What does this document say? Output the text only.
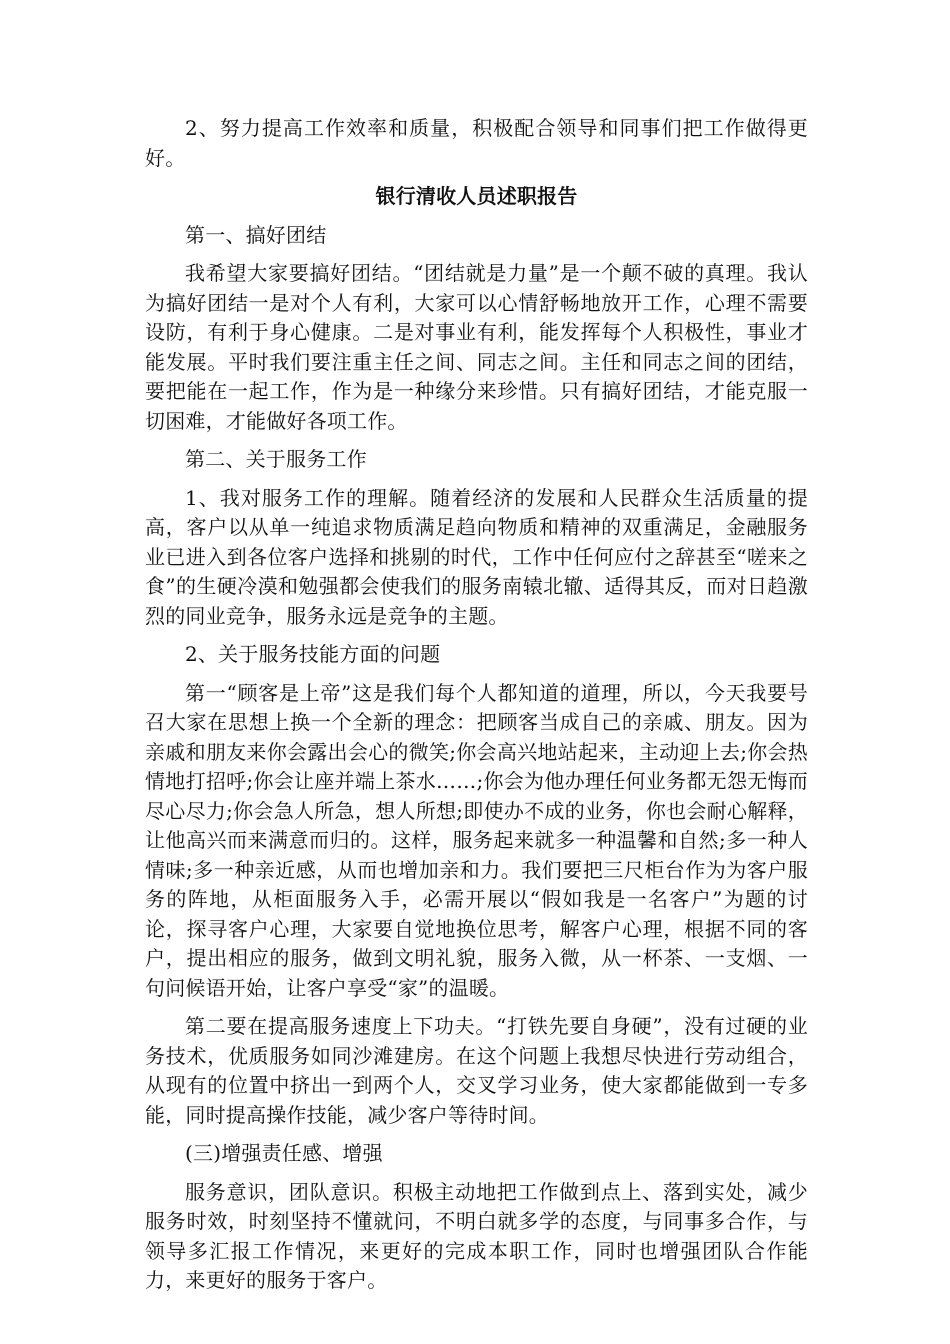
2、努力提高工作效率和质量，积极配合领导和同事们把工作做得更好。

银行清收人员述职报告

第一、搞好团结

我希望大家要搞好团结。“团结就是力量”是一个颠不破的真理。我认为搞好团结一是对个人有利，大家可以心情舒畅地放开工作，心理不需要设防，有利于身心健康。二是对事业有利，能发挥每个人积极性，事业才能发展。平时我们要注重主任之间、同志之间。主任和同志之间的团结，要把能在一起工作，作为是一种缘分来珍惜。只有搞好团结，才能克服一切困难，才能做好各项工作。

第二、关于服务工作

1、我对服务工作的理解。随着经济的发展和人民群众生活质量的提高，客户以从单一纯追求物质满足趋向物质和精神的双重满足，金融服务业已进入到各位客户选择和挑剔的时代，工作中任何应付之辞甚至“嗟来之食”的生硬冷漠和勉强都会使我们的服务南辕北辙、适得其反，而对日趋激烈的同业竞争，服务永远是竞争的主题。

2、关于服务技能方面的问题

第一“顾客是上帝”这是我们每个人都知道的道理，所以，今天我要号召大家在思想上换一个全新的理念：把顾客当成自己的亲戚、朋友。因为亲戚和朋友来你会露出会心的微笑;你会高兴地站起来，主动迎上去;你会热情地打招呼;你会让座并端上茶水……;你会为他办理任何业务都无怨无悔而尽心尽力;你会急人所急，想人所想;即使办不成的业务，你也会耐心解释，让他高兴而来满意而归的。这样，服务起来就多一种温馨和自然;多一种人情味;多一种亲近感，从而也增加亲和力。我们要把三尺柜台作为为客户服务的阵地，从柜面服务入手，必需开展以“假如我是一名客户”为题的讨论，探寻客户心理，大家要自觉地换位思考，解客户心理，根据不同的客户，提出相应的服务，做到文明礼貌，服务入微，从一杯茶、一支烟、一句问候语开始，让客户享受“家”的温暖。

第二要在提高服务速度上下功夫。“打铁先要自身硬”，没有过硬的业务技术，优质服务如同沙滩建房。在这个问题上我想尽快进行劳动组合，从现有的位置中挤出一到两个人，交叉学习业务，使大家都能做到一专多能，同时提高操作技能，减少客户等待时间。

(三)增强责任感、增强

服务意识，团队意识。积极主动地把工作做到点上、落到实处，减少服务时效，时刻坚持不懂就问，不明白就多学的态度，与同事多合作，与领导多汇报工作情况，来更好的完成本职工作，同时也增强团队合作能力，来更好的服务于客户。
